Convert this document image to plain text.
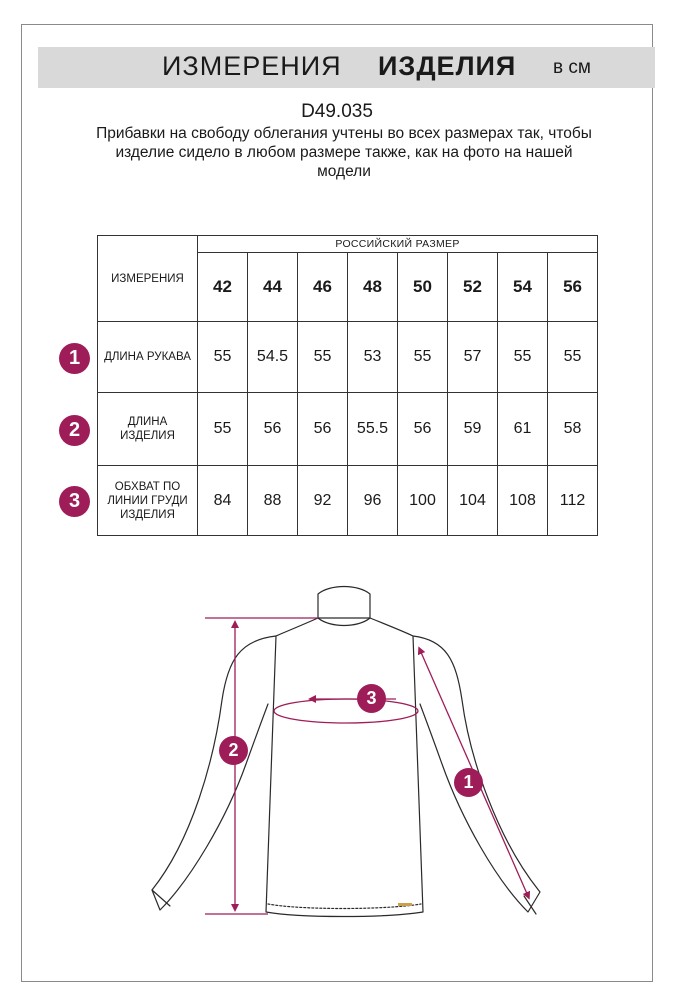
ИЗМЕРЕНИЯ ИЗДЕЛИЯ в см
D49.035
Прибавки на свободу облегания учтены во всех размерах так, чтобы изделие сидело в любом размере также, как на фото на нашей модели
ИЗМЕРЕНИЯ	РОССИЙСКИЙ РАЗМЕР							
	42	44	46	48	50	52	54	56
ДЛИНА РУКАВА	55	54.5	55	53	55	57	55	55
ДЛИНА ИЗДЕЛИЯ	55	56	56	55.5	56	59	61	58
ОБХВАТ ПО ЛИНИИ ГРУДИ ИЗДЕЛИЯ	84	88	92	96	100	104	108	112
1
2
3
2
3
1
